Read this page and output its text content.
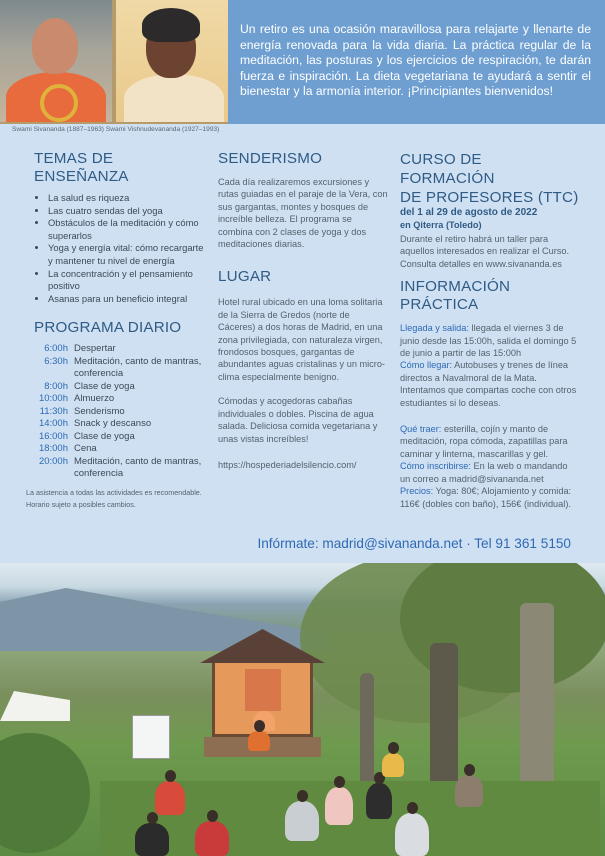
Un retiro es una ocasión maravillosa para relajarte y llenarte de energía renovada para la vida diaria. La práctica regular de la meditación, las posturas y los ejercicios de respiración, te darán fuerza e inspiración. La dieta vegetariana te ayudará a sentir el bienestar y la armonía interior. ¡Principiantes bienvenidos!
Swami Sivananda (1887–1963) Swami Vishnudevananda (1927–1993)
TEMAS DE ENSEÑANZA
• La salud es riqueza
• Las cuatro sendas del yoga
• Obstáculos de la meditación y cómo superarlos
• Yoga y energía vital: cómo recargarte y mantener tu nivel de energía
• La concentración y el pensamiento positivo
• Asanas para un beneficio integral
PROGRAMA DIARIO
6:00h Despertar
6:30h Meditación, canto de mantras, conferencia
8:00h Clase de yoga
10:00h Almuerzo
11:30h Senderismo
14:00h Snack y descanso
16:00h Clase de yoga
18:00h Cena
20:00h Meditación, canto de mantras, conferencia
La asistencia a todas las actividades es recomendable.
Horario sujeto a posibles cambios.
SENDERISMO
Cada día realizaremos excursiones y rutas guiadas en el paraje de la Vera, con sus gargantas, montes y bosques de increíble belleza. El programa se combina con 2 clases de yoga y dos meditaciones diarias.
LUGAR
Hotel rural ubicado en una loma solitaria de la Sierra de Gredos (norte de Cáceres) a dos horas de Madrid, en una zona privilegiada, con naturaleza virgen, frondosos bosques, gargantas de abundantes aguas cristalinas y un micro-clima especialmente benigno.
Cómodas y acogedoras cabañas individuales o dobles. Piscina de agua salada. Deliciosa comida vegetariana y unas vistas increíbles!
https://hospederiadelsilencio.com/
CURSO DE FORMACIÓN
DE PROFESORES (TTC)
del 1 al 29 de agosto de 2022
en Qiterra (Toledo)
Durante el retiro habrá un taller para aquellos interesados en realizar el Curso. Consulta detalles en www.sivananda.es
INFORMACIÓN PRÁCTICA
Llegada y salida: llegada el viernes 3 de junio desde las 15:00h, salida el domingo 5 de junio a partir de las 15:00h
Cómo llegar: Autobuses y trenes de línea directos a Navalmoral de la Mata. Intentamos que compartas coche con otros estudiantes si lo deseas.
Qué traer: esterilla, cojín y manto de meditación, ropa cómoda, zapatillas para caminar y linterna, mascarillas y gel.
Cómo inscribirse: En la web o mandando un correo a madrid@sivananda.net
Precios: Yoga: 80€; Alojamiento y comida: 116€ (dobles con baño), 156€ (individual).
Infórmate: madrid@sivananda.net · Tel 91 361 5150
